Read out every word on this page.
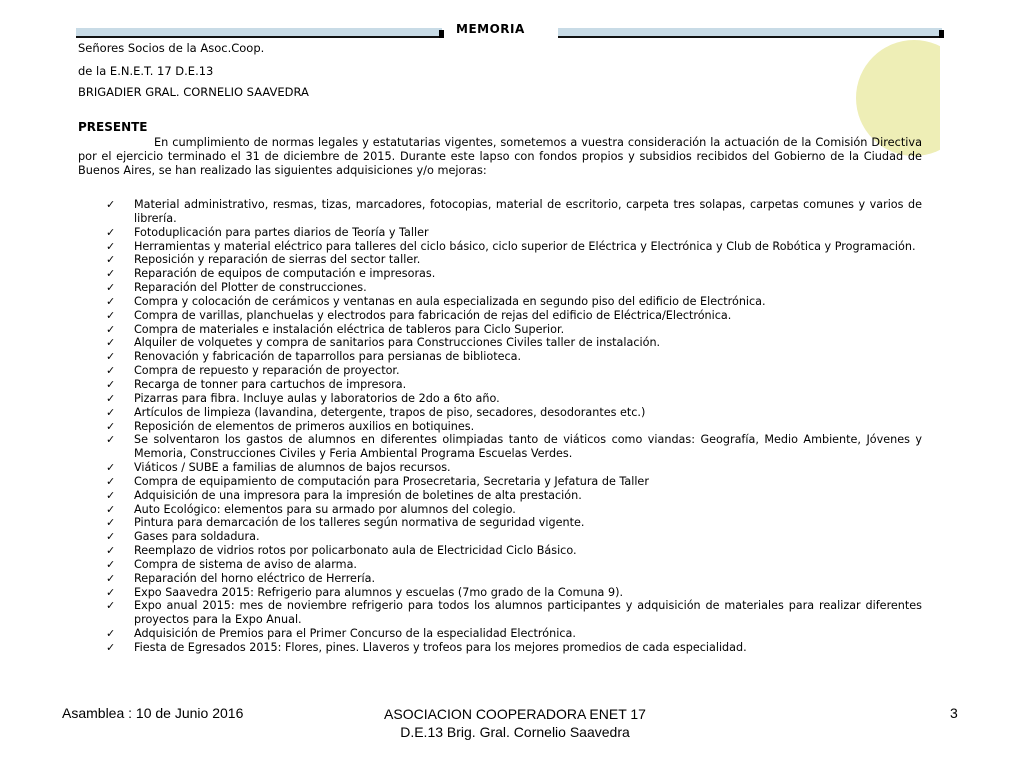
MEMORIA
Señores Socios de la Asoc.Coop.
de la E.N.E.T. 17 D.E.13
BRIGADIER GRAL. CORNELIO SAAVEDRA
PRESENTE
En cumplimiento de normas legales y estatutarias vigentes, sometemos a vuestra consideración la actuación de la Comisión Directiva por el ejercicio terminado el 31 de diciembre de 2015. Durante este lapso con fondos propios y subsidios recibidos del Gobierno de la Ciudad de Buenos Aires, se han realizado las siguientes adquisiciones y/o mejoras:
✓ Material administrativo, resmas, tizas, marcadores, fotocopias, material de escritorio, carpeta tres solapas, carpetas comunes y varios de librería.
✓ Fotoduplicación para partes diarios de Teoría y Taller
✓ Herramientas y material eléctrico para talleres del ciclo básico, ciclo superior de Eléctrica y Electrónica y Club de Robótica y Programación.
✓ Reposición y reparación de sierras del sector taller.
✓ Reparación de equipos de computación e impresoras.
✓ Reparación del Plotter de construcciones.
✓ Compra y colocación de cerámicos y ventanas en aula especializada en segundo piso del edificio de Electrónica.
✓ Compra de varillas, planchuelas y electrodos para fabricación de rejas del edificio de Eléctrica/Electrónica.
✓ Compra de materiales e instalación eléctrica de tableros para Ciclo Superior.
✓ Alquiler de volquetes y compra de sanitarios para Construcciones Civiles taller de instalación.
✓ Renovación y fabricación de taparrollos para persianas de biblioteca.
✓ Compra de repuesto y reparación de proyector.
✓ Recarga de tonner para cartuchos de impresora.
✓ Pizarras para fibra. Incluye aulas y laboratorios de 2do a 6to año.
✓ Artículos de limpieza (lavandina, detergente, trapos de piso, secadores, desodorantes etc.)
✓ Reposición de elementos de primeros auxilios en botiquines.
✓ Se solventaron los gastos de alumnos en diferentes olimpiadas tanto de viáticos como viandas: Geografía, Medio Ambiente, Jóvenes y Memoria, Construcciones Civiles y Feria Ambiental Programa Escuelas Verdes.
✓ Viáticos / SUBE a familias de alumnos de bajos recursos.
✓ Compra de equipamiento de computación para Prosecretaria, Secretaria y Jefatura de Taller
✓ Adquisición de una impresora para la impresión de boletines de alta prestación.
✓ Auto Ecológico: elementos para su armado por alumnos del colegio.
✓ Pintura para demarcación de los talleres según normativa de seguridad vigente.
✓ Gases para soldadura.
✓ Reemplazo de vidrios rotos por policarbonato aula de Electricidad Ciclo Básico.
✓ Compra de sistema de aviso de alarma.
✓ Reparación del horno eléctrico de Herrería.
✓ Expo Saavedra 2015: Refrigerio para alumnos y escuelas (7mo grado de la Comuna 9).
✓ Expo anual 2015: mes de noviembre refrigerio para todos los alumnos participantes y adquisición de materiales para realizar diferentes proyectos para la Expo Anual.
✓ Adquisición de Premios para el Primer Concurso de la especialidad Electrónica.
✓ Fiesta de Egresados 2015: Flores, pines. Llaveros y trofeos para los mejores promedios de cada especialidad.
Asamblea : 10 de Junio 2016	ASOCIACION COOPERADORA ENET 17
D.E.13 Brig. Gral. Cornelio Saavedra
3
